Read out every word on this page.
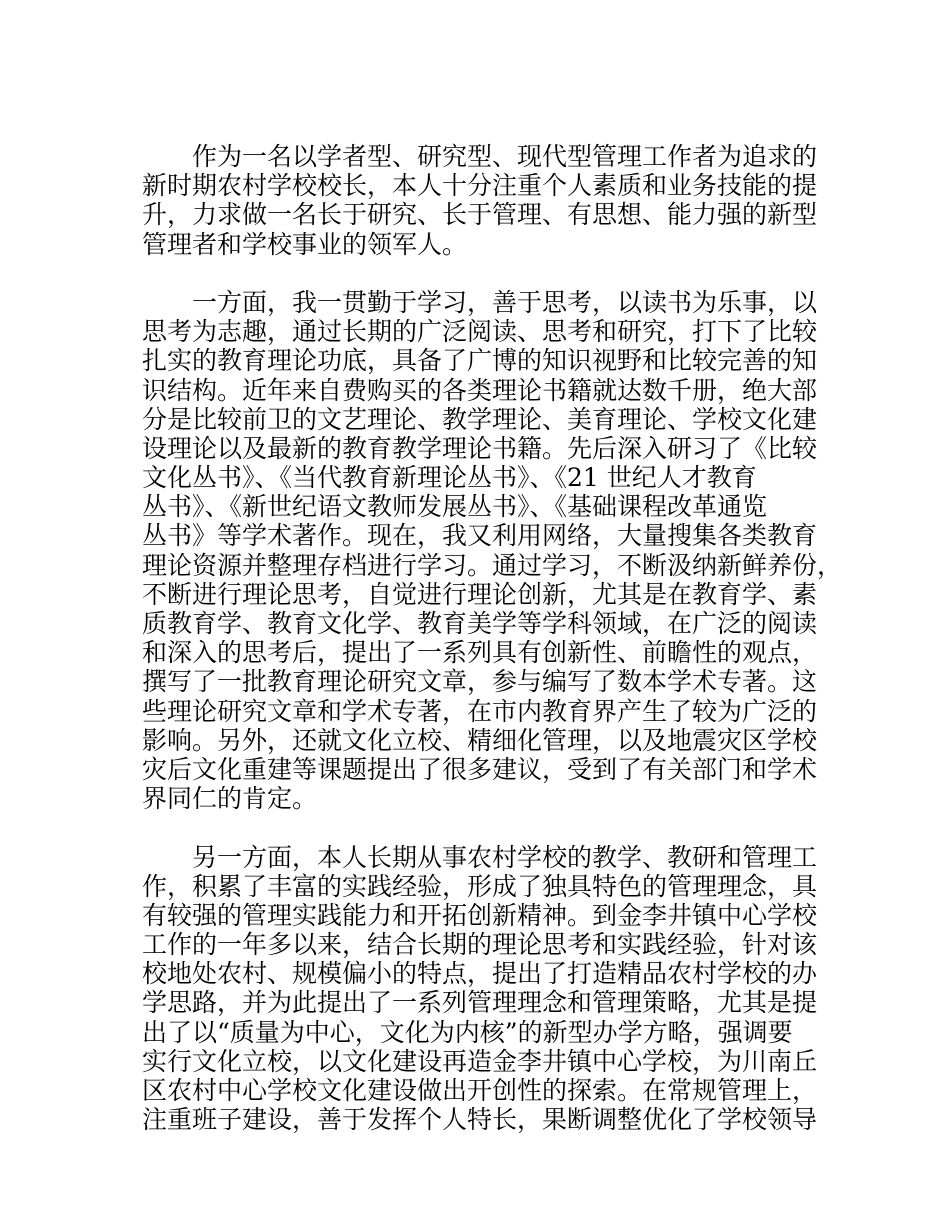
作为一名以学者型、研究型、现代型管理工作者为追求的
新时期农村学校校长，本人十分注重个人素质和业务技能的提
升，力求做一名长于研究、长于管理、有思想、能力强的新型
管理者和学校事业的领军人。

一方面，我一贯勤于学习，善于思考，以读书为乐事，以
思考为志趣，通过长期的广泛阅读、思考和研究，打下了比较
扎实的教育理论功底，具备了广博的知识视野和比较完善的知
识结构。近年来自费购买的各类理论书籍就达数千册，绝大部
分是比较前卫的文艺理论、教学理论、美育理论、学校文化建
设理论以及最新的教育教学理论书籍。先后深入研习了《比较
文化丛书》、《当代教育新理论丛书》、《21 世纪人才教育
丛书》、《新世纪语文教师发展丛书》、《基础课程改革通览
丛书》等学术著作。现在，我又利用网络，大量搜集各类教育
理论资源并整理存档进行学习。通过学习，不断汲纳新鲜养份，
不断进行理论思考，自觉进行理论创新，尤其是在教育学、素
质教育学、教育文化学、教育美学等学科领域，在广泛的阅读
和深入的思考后，提出了一系列具有创新性、前瞻性的观点，
撰写了一批教育理论研究文章，参与编写了数本学术专著。这
些理论研究文章和学术专著，在市内教育界产生了较为广泛的
影响。另外，还就文化立校、精细化管理，以及地震灾区学校
灾后文化重建等课题提出了很多建议，受到了有关部门和学术
界同仁的肯定。

另一方面，本人长期从事农村学校的教学、教研和管理工
作，积累了丰富的实践经验，形成了独具特色的管理理念，具
有较强的管理实践能力和开拓创新精神。到金李井镇中心学校
工作的一年多以来，结合长期的理论思考和实践经验，针对该
校地处农村、规模偏小的特点，提出了打造精品农村学校的办
学思路，并为此提出了一系列管理理念和管理策略，尤其是提
出了以“质量为中心，文化为内核”的新型办学方略，强调要
实行文化立校，以文化建设再造金李井镇中心学校，为川南丘
区农村中心学校文化建设做出开创性的探索。在常规管理上，
注重班子建设，善于发挥个人特长，果断调整优化了学校领导
